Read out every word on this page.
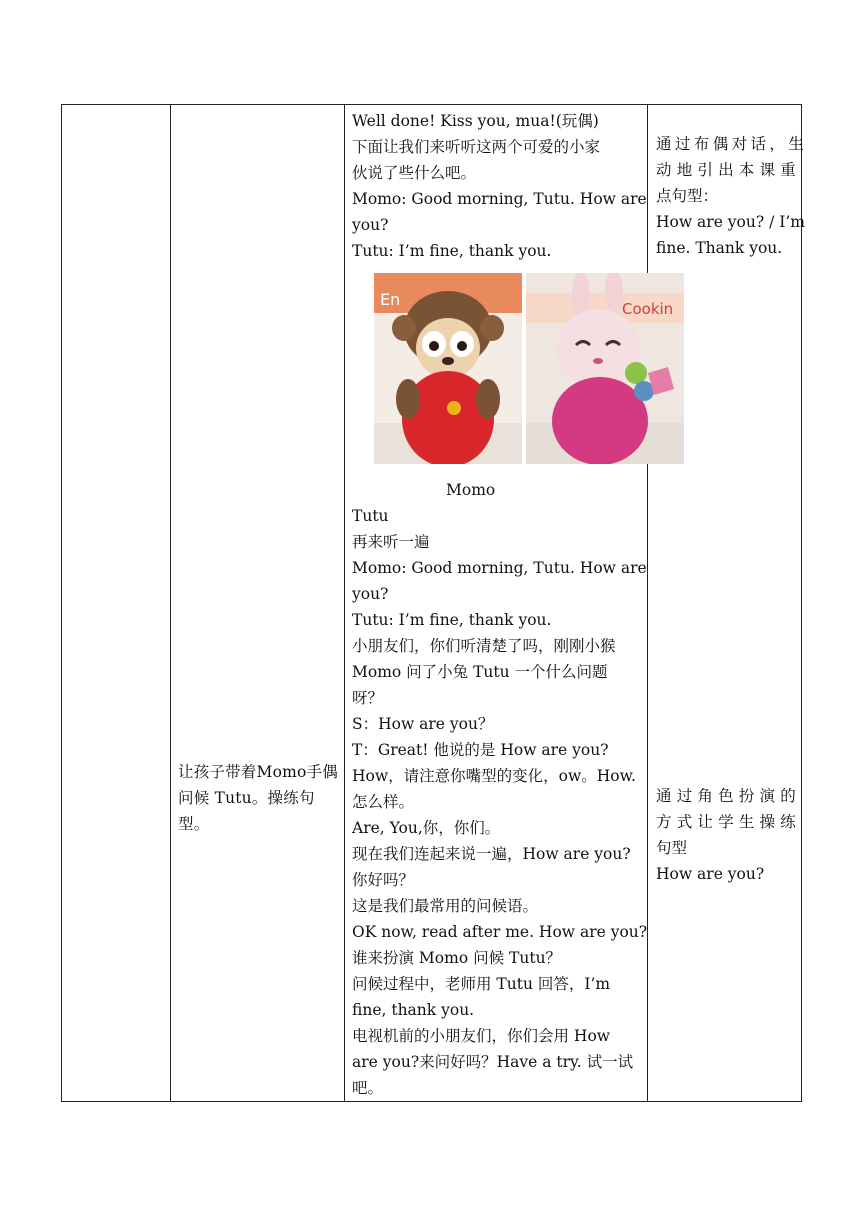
让孩子带着Momo手偶问候 Tutu。操练句型。

Well done! Kiss you, mua!(玩偶)
下面让我们来听听这两个可爱的小家
伙说了些什么吧。
Momo: Good morning, Tutu. How are
you?
Tutu: I’m fine, thank you.
En	Cookin
Momo
Tutu
再来听一遍
Momo: Good morning, Tutu. How are
you?
Tutu: I’m fine, thank you.
小朋友们，你们听清楚了吗，刚刚小猴
Momo 问了小兔 Tutu 一个什么问题
呀？
S：How are you？
T：Great! 他说的是 How are you?
How，请注意你嘴型的变化，ow。How.
怎么样。
Are, You,你，你们。
现在我们连起来说一遍，How are you?
你好吗？
这是我们最常用的问候语。
OK now, read after me. How are you?
谁来扮演 Momo 问候 Tutu？
问候过程中，老师用 Tutu 回答，I’m
fine, thank you.
电视机前的小朋友们，你们会用 How
are you?来问好吗？Have a try. 试一试
吧。

通过布偶对话，生
动地引出本课重
点句型：
How are you? / I’m
fine. Thank you.
通过角色扮演的
方式让学生操练
句型
How are you?
